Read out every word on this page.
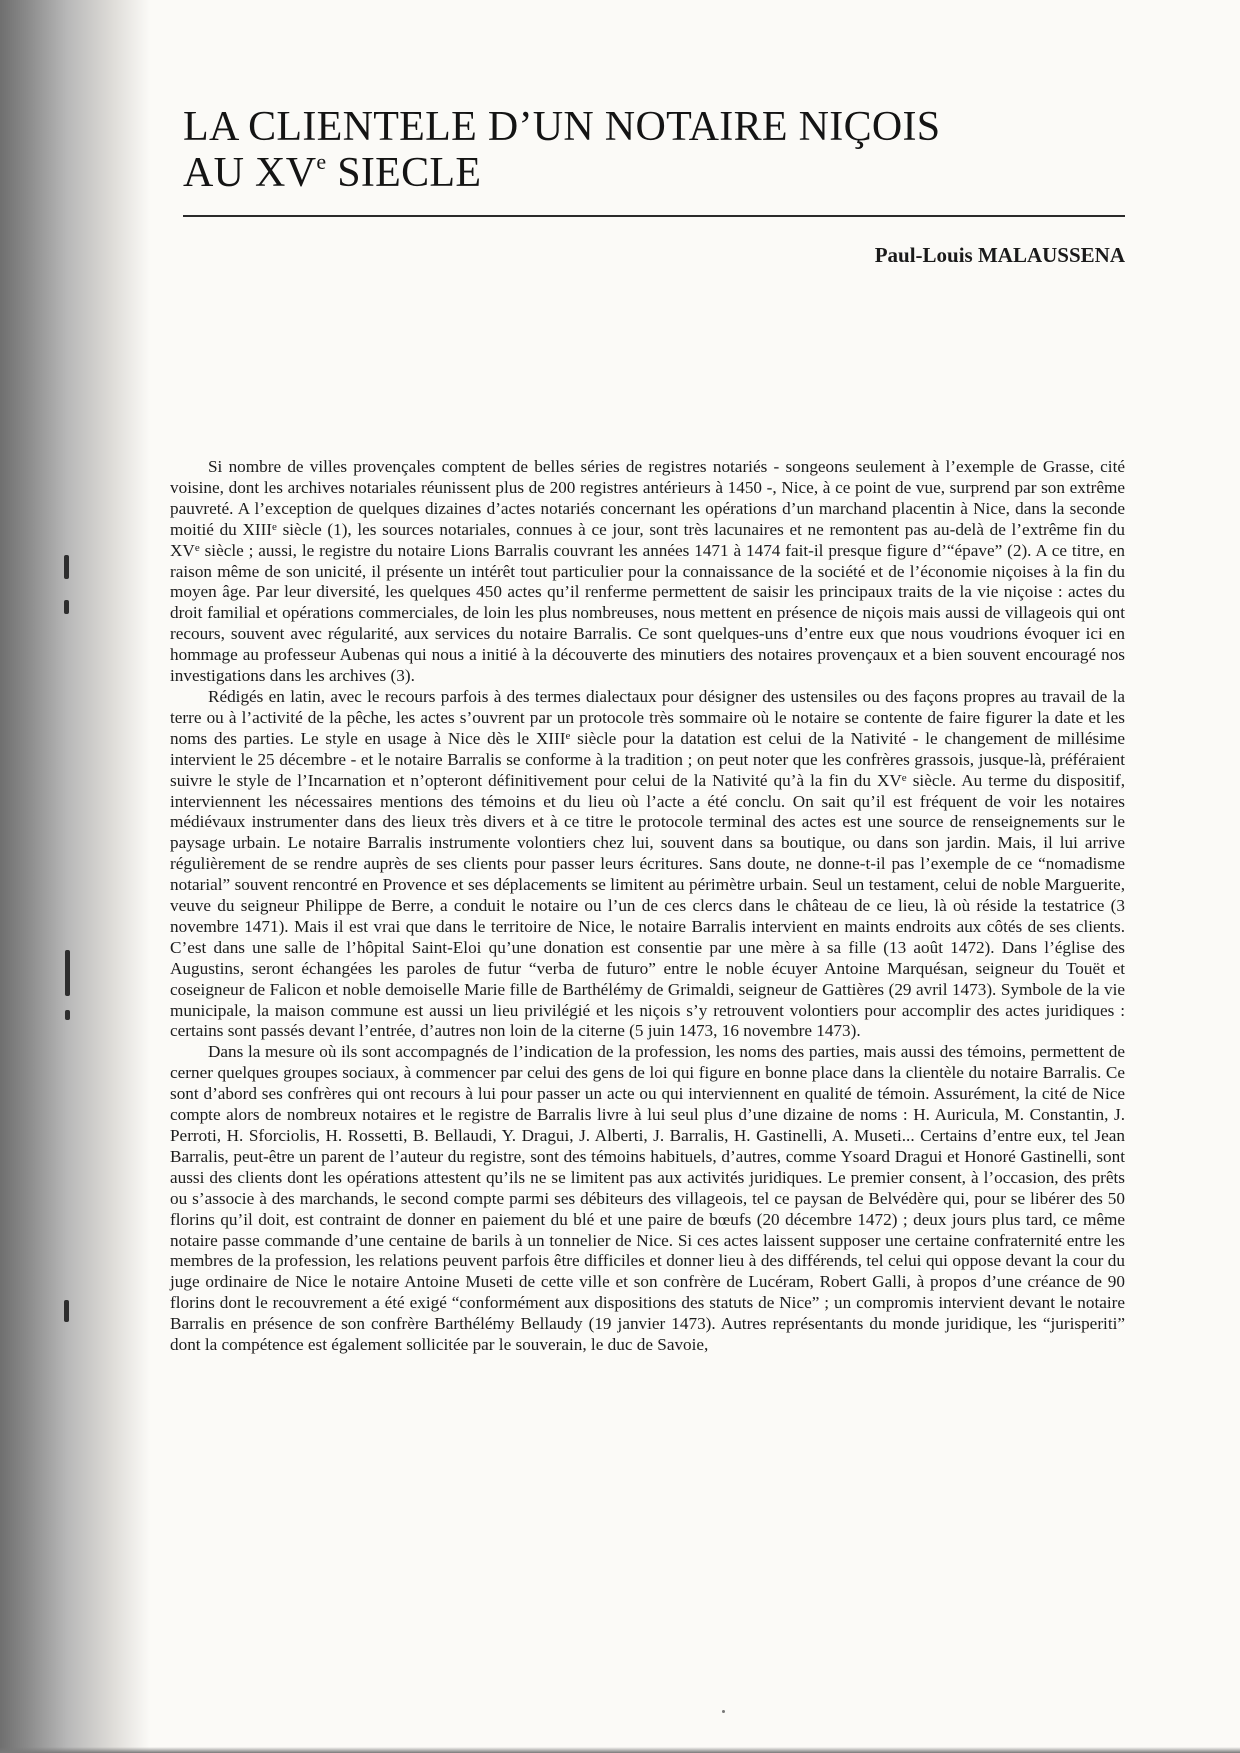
LA CLIENTELE D’UN NOTAIRE NIÇOIS
AU XVe SIECLE

Paul-Louis MALAUSSENA

Si nombre de villes provençales comptent de belles séries de registres notariés - songeons seulement à l’exemple de Grasse, cité voisine, dont les archives notariales réunissent plus de 200 registres antérieurs à 1450 -, Nice, à ce point de vue, surprend par son extrême pauvreté. A l’exception de quelques dizaines d’actes notariés concernant les opérations d’un marchand placentin à Nice, dans la seconde moitié du XIIIe siècle (1), les sources notariales, connues à ce jour, sont très lacunaires et ne remontent pas au-delà de l’extrême fin du XVe siècle ; aussi, le registre du notaire Lions Barralis couvrant les années 1471 à 1474 fait-il presque figure d’“épave” (2). A ce titre, en raison même de son unicité, il présente un intérêt tout particulier pour la connaissance de la société et de l’économie niçoises à la fin du moyen âge. Par leur diversité, les quelques 450 actes qu’il renferme permettent de saisir les principaux traits de la vie niçoise : actes du droit familial et opérations commerciales, de loin les plus nombreuses, nous mettent en présence de niçois mais aussi de villageois qui ont recours, souvent avec régularité, aux services du notaire Barralis. Ce sont quelques-uns d’entre eux que nous voudrions évoquer ici en hommage au professeur Aubenas qui nous a initié à la découverte des minutiers des notaires provençaux et a bien souvent encouragé nos investigations dans les archives (3).

Rédigés en latin, avec le recours parfois à des termes dialectaux pour désigner des ustensiles ou des façons propres au travail de la terre ou à l’activité de la pêche, les actes s’ouvrent par un protocole très sommaire où le notaire se contente de faire figurer la date et les noms des parties. Le style en usage à Nice dès le XIIIe siècle pour la datation est celui de la Nativité - le changement de millésime intervient le 25 décembre - et le notaire Barralis se conforme à la tradition ; on peut noter que les confrères grassois, jusque-là, préféraient suivre le style de l’Incarnation et n’opteront définitivement pour celui de la Nativité qu’à la fin du XVe siècle. Au terme du dispositif, interviennent les nécessaires mentions des témoins et du lieu où l’acte a été conclu. On sait qu’il est fréquent de voir les notaires médiévaux instrumenter dans des lieux très divers et à ce titre le protocole terminal des actes est une source de renseignements sur le paysage urbain. Le notaire Barralis instrumente volontiers chez lui, souvent dans sa boutique, ou dans son jardin. Mais, il lui arrive régulièrement de se rendre auprès de ses clients pour passer leurs écritures. Sans doute, ne donne-t-il pas l’exemple de ce “nomadisme notarial” souvent rencontré en Provence et ses déplacements se limitent au périmètre urbain. Seul un testament, celui de noble Marguerite, veuve du seigneur Philippe de Berre, a conduit le notaire ou l’un de ces clercs dans le château de ce lieu, là où réside la testatrice (3 novembre 1471). Mais il est vrai que dans le territoire de Nice, le notaire Barralis intervient en maints endroits aux côtés de ses clients. C’est dans une salle de l’hôpital Saint-Eloi qu’une donation est consentie par une mère à sa fille (13 août 1472). Dans l’église des Augustins, seront échangées les paroles de futur “verba de futuro” entre le noble écuyer Antoine Marquésan, seigneur du Touët et coseigneur de Falicon et noble demoiselle Marie fille de Barthélémy de Grimaldi, seigneur de Gattières (29 avril 1473). Symbole de la vie municipale, la maison commune est aussi un lieu privilégié et les niçois s’y retrouvent volontiers pour accomplir des actes juridiques : certains sont passés devant l’entrée, d’autres non loin de la citerne (5 juin 1473, 16 novembre 1473).

Dans la mesure où ils sont accompagnés de l’indication de la profession, les noms des parties, mais aussi des témoins, permettent de cerner quelques groupes sociaux, à commencer par celui des gens de loi qui figure en bonne place dans la clientèle du notaire Barralis. Ce sont d’abord ses confrères qui ont recours à lui pour passer un acte ou qui interviennent en qualité de témoin. Assurément, la cité de Nice compte alors de nombreux notaires et le registre de Barralis livre à lui seul plus d’une dizaine de noms : H. Auricula, M. Constantin, J. Perroti, H. Sforciolis, H. Rossetti, B. Bellaudi, Y. Dragui, J. Alberti, J. Barralis, H. Gastinelli, A. Museti... Certains d’entre eux, tel Jean Barralis, peut-être un parent de l’auteur du registre, sont des témoins habituels, d’autres, comme Ysoard Dragui et Honoré Gastinelli, sont aussi des clients dont les opérations attestent qu’ils ne se limitent pas aux activités juridiques. Le premier consent, à l’occasion, des prêts ou s’associe à des marchands, le second compte parmi ses débiteurs des villageois, tel ce paysan de Belvédère qui, pour se libérer des 50 florins qu’il doit, est contraint de donner en paiement du blé et une paire de bœufs (20 décembre 1472) ; deux jours plus tard, ce même notaire passe commande d’une centaine de barils à un tonnelier de Nice. Si ces actes laissent supposer une certaine confraternité entre les membres de la profession, les relations peuvent parfois être difficiles et donner lieu à des différends, tel celui qui oppose devant la cour du juge ordinaire de Nice le notaire Antoine Museti de cette ville et son confrère de Lucéram, Robert Galli, à propos d’une créance de 90 florins dont le recouvrement a été exigé “conformément aux dispositions des statuts de Nice” ; un compromis intervient devant le notaire Barralis en présence de son confrère Barthélémy Bellaudy (19 janvier 1473). Autres représentants du monde juridique, les “jurisperiti” dont la compétence est également sollicitée par le souverain, le duc de Savoie,
